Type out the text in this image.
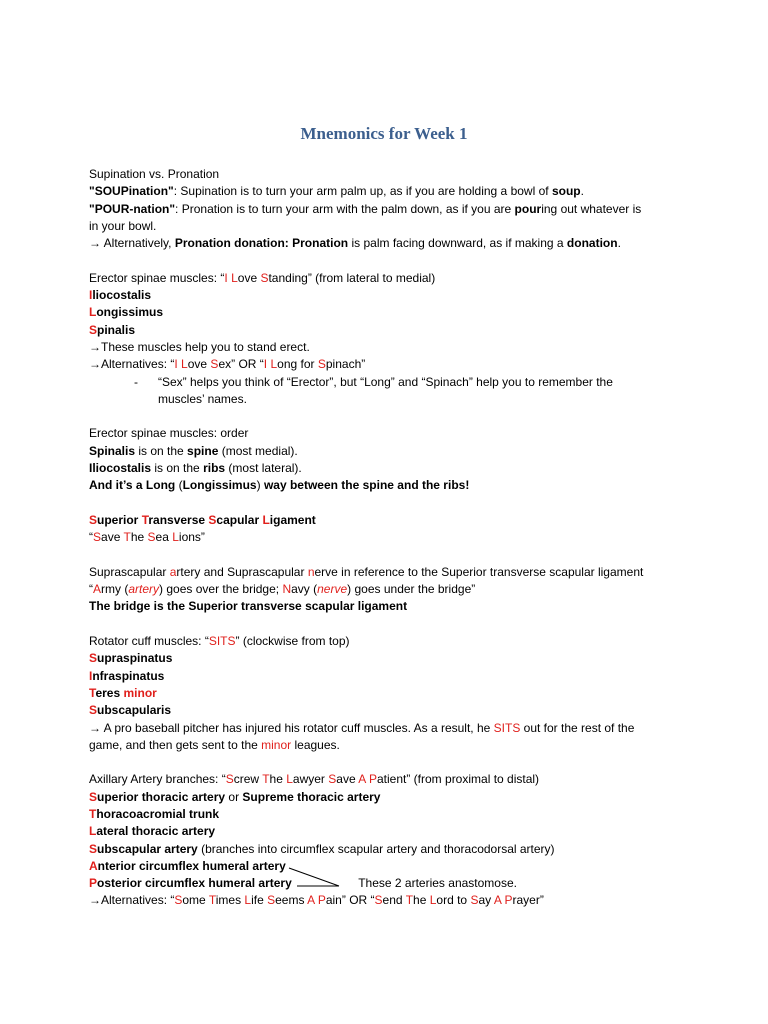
Mnemonics for Week 1
Supination vs. Pronation
"SOUPination": Supination is to turn your arm palm up, as if you are holding a bowl of soup.
"POUR-nation": Pronation is to turn your arm with the palm down, as if you are pouring out whatever is
in your bowl.
→ Alternatively, Pronation donation: Pronation is palm facing downward, as if making a donation.
Erector spinae muscles: “I Love Standing” (from lateral to medial)
Iliocostalis
Longissimus
Spinalis
→These muscles help you to stand erect.
→Alternatives: “I Love Sex” OR “I Long for Spinach”
- “Sex” helps you think of “Erector”, but “Long” and “Spinach” help you to remember the
muscles’ names.
Erector spinae muscles: order
Spinalis is on the spine (most medial).
Iliocostalis is on the ribs (most lateral).
And it’s a Long (Longissimus) way between the spine and the ribs!
Superior Transverse Scapular Ligament
“Save The Sea Lions”
Suprascapular artery and Suprascapular nerve in reference to the Superior transverse scapular ligament
“Army (artery) goes over the bridge; Navy (nerve) goes under the bridge”
The bridge is the Superior transverse scapular ligament
Rotator cuff muscles: “SITS” (clockwise from top)
Supraspinatus
Infraspinatus
Teres minor
Subscapularis
→ A pro baseball pitcher has injured his rotator cuff muscles. As a result, he SITS out for the rest of the
game, and then gets sent to the minor leagues.
Axillary Artery branches: “Screw The Lawyer Save A Patient” (from proximal to distal)
Superior thoracic artery or Supreme thoracic artery
Thoracoacromial trunk
Lateral thoracic artery
Subscapular artery (branches into circumflex scapular artery and thoracodorsal artery)
Anterior circumflex humeral artery
Posterior circumflex humeral artery                    These 2 arteries anastomose.
→Alternatives: “Some Times Life Seems A Pain” OR “Send The Lord to Say A Prayer”
